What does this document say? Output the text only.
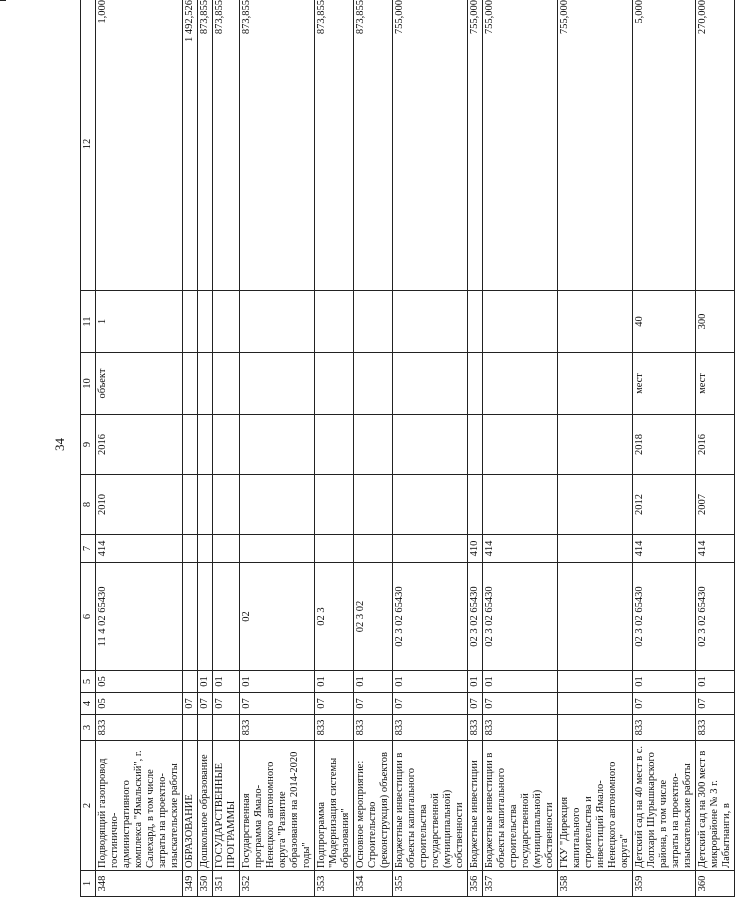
34
1	2	3	4	5	6	7	8	9	10	11	12
348	Подводящий газопровод гостинично-административного комплекса "Ямальский", г. Салехард, в том числе затраты на проектно-изыскательские работы	833	05	05	11 4 02 65430	414	2010	2016	объект	1	1,000
349	ОБРАЗОВАНИЕ		07								1 492,526
350	Дошкольное образование		07	01							873,855
351	ГОСУДАРСТВЕННЫЕ ПРОГРАММЫ		07	01							873,855
352	Государственная программа Ямало-Ненецкого автономного округа "Развитие образования на 2014-2020 годы"	833	07	01	02						873,855
353	Подпрограмма "Модернизация системы образования"	833	07	01	02 3						873,855
354	Основное мероприятие: Строительство (реконструкция) объектов	833	07	01	02 3 02						873,855
355	Бюджетные инвестиции в объекты капитального строительства государственной (муниципальной) собственности	833	07	01	02 3 02 65430						755,000
356	Бюджетные инвестиции	833	07	01	02 3 02 65430	410					755,000
357	Бюджетные инвестиции в объекты капитального строительства государственной (муниципальной) собственности	833	07	01	02 3 02 65430	414					755,000
358	ГКУ "Дирекция капитального строительства и инвестиций Ямало-Ненецкого автономного округа"										755,000
359	Детский сад на 40 мест в с. Лопхари Шурышкарского района, в том числе затраты на проектно-изыскательские работы	833	07	01	02 3 02 65430	414	2012	2018	мест	40	5,000
360	Детский сад на 300 мест в микрорайоне № 3 г. Лабытнанги, в	833	07	01	02 3 02 65430	414	2007	2016	мест	300	270,000
